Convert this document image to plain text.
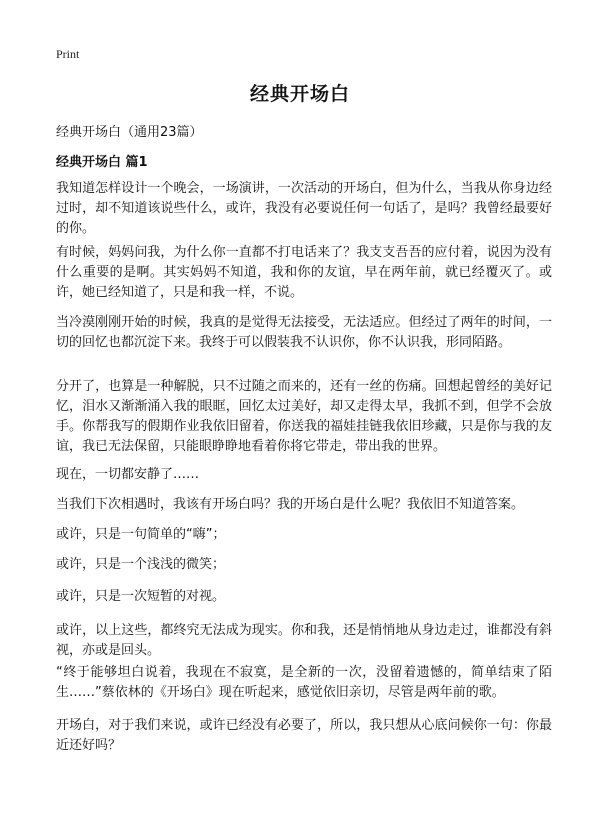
Print
经典开场白
经典开场白（通用23篇）
经典开场白 篇1

我知道怎样设计一个晚会，一场演讲，一次活动的开场白，但为什么，当我从你身边经过时，却不知道该说些什么，或许，我没有必要说任何一句话了，是吗？我曾经最要好的你。

有时候，妈妈问我，为什么你一直都不打电话来了？我支支吾吾的应付着，说因为没有什么重要的是啊。其实妈妈不知道，我和你的友谊，早在两年前，就已经覆灭了。或许，她已经知道了，只是和我一样，不说。

当冷漠刚刚开始的时候，我真的是觉得无法接受，无法适应。但经过了两年的时间，一切的回忆也都沉淀下来。我终于可以假装我不认识你，你不认识我，形同陌路。

分开了，也算是一种解脱，只不过随之而来的，还有一丝的伤痛。回想起曾经的美好记忆，泪水又渐渐涌入我的眼眶，回忆太过美好，却又走得太早，我抓不到，但学不会放手。你帮我写的假期作业我依旧留着，你送我的福娃挂链我依旧珍藏，只是你与我的友谊，我已无法保留，只能眼睁睁地看着你将它带走，带出我的世界。

现在，一切都安静了……

当我们下次相遇时，我该有开场白吗？我的开场白是什么呢？我依旧不知道答案。

或许，只是一句简单的“嗨”；

或许，只是一个浅浅的微笑；

或许，只是一次短暂的对视。

或许，以上这些，都终究无法成为现实。你和我，还是悄悄地从身边走过，谁都没有斜视，亦或是回头。

“终于能够坦白说着，我现在不寂寞，是全新的一次，没留着遗憾的，简单结束了陌生……”蔡依林的《开场白》现在听起来，感觉依旧亲切，尽管是两年前的歌。

开场白，对于我们来说，或许已经没有必要了，所以，我只想从心底问候你一句：你最近还好吗？
